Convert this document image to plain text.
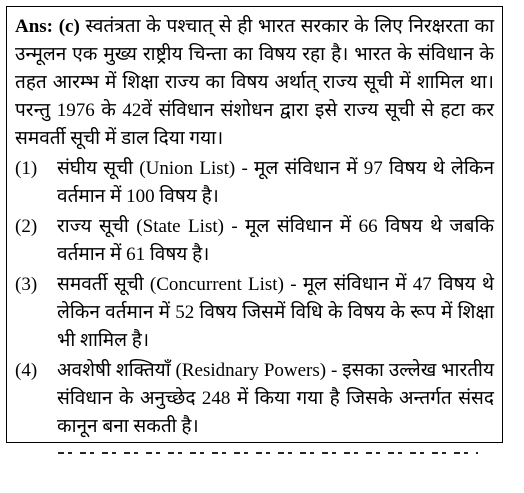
Ans: (c) स्वतंत्रता के पश्चात् से ही भारत सरकार के लिए निरक्षरता का उन्मूलन एक मुख्य राष्ट्रीय चिन्ता का विषय रहा है। भारत के संविधान के तहत आरम्भ में शिक्षा राज्य का विषय अर्थात् राज्य सूची में शामिल था। परन्तु 1976 के 42वें संविधान संशोधन द्वारा इसे राज्य सूची से हटा कर समवर्ती सूची में डाल दिया गया।

(1)	संघीय सूची (Union List) - मूल संविधान में 97 विषय थे लेकिन वर्तमान में 100 विषय है।
(2)	राज्य सूची (State List) - मूल संविधान में 66 विषय थे जबकि वर्तमान में 61 विषय है।
(3)	समवर्ती सूची (Concurrent List) - मूल संविधान में 47 विषय थे लेकिन वर्तमान में 52 विषय जिसमें विधि के विषय के रूप में शिक्षा भी शामिल है।
(4)	अवशेषी शक्तियाँ (Residnary Powers) - इसका उल्लेख भारतीय संविधान के अनुच्छेद 248 में किया गया है जिसके अन्तर्गत संसद कानून बना सकती है।
